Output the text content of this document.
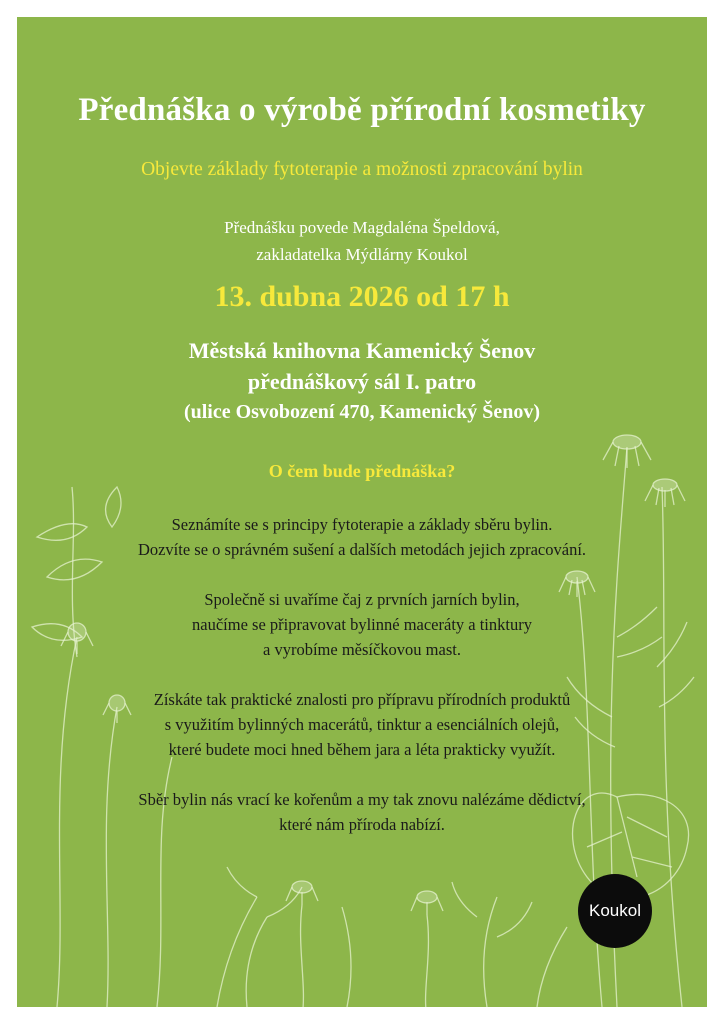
Přednáška o výrobě přírodní kosmetiky

Objevte základy fytoterapie a možnosti zpracování bylin

Přednášku povede Magdaléna Špeldová,
zakladatelka Mýdlárny Koukol

13. dubna 2026 od 17 h

Městská knihovna Kamenický Šenov
přednáškový sál I. patro
(ulice Osvobození 470, Kamenický Šenov)

O čem bude přednáška?

Seznámíte se s principy fytoterapie a základy sběru bylin.
Dozvíte se o správném sušení a dalších metodách jejich zpracování.

Společně si uvaříme čaj z prvních jarních bylin,
naučíme se připravovat bylinné maceráty a tinktury
a vyrobíme měsíčkovou mast.

Získáte tak praktické znalosti pro přípravu přírodních produktů
s využitím bylinných macerátů, tinktur a esenciálních olejů,
které budete moci hned během jara a léta prakticky využít.

Sběr bylin nás vrací ke kořenům a my tak znovu nalézáme dědictví,
které nám příroda nabízí.

Koukol
